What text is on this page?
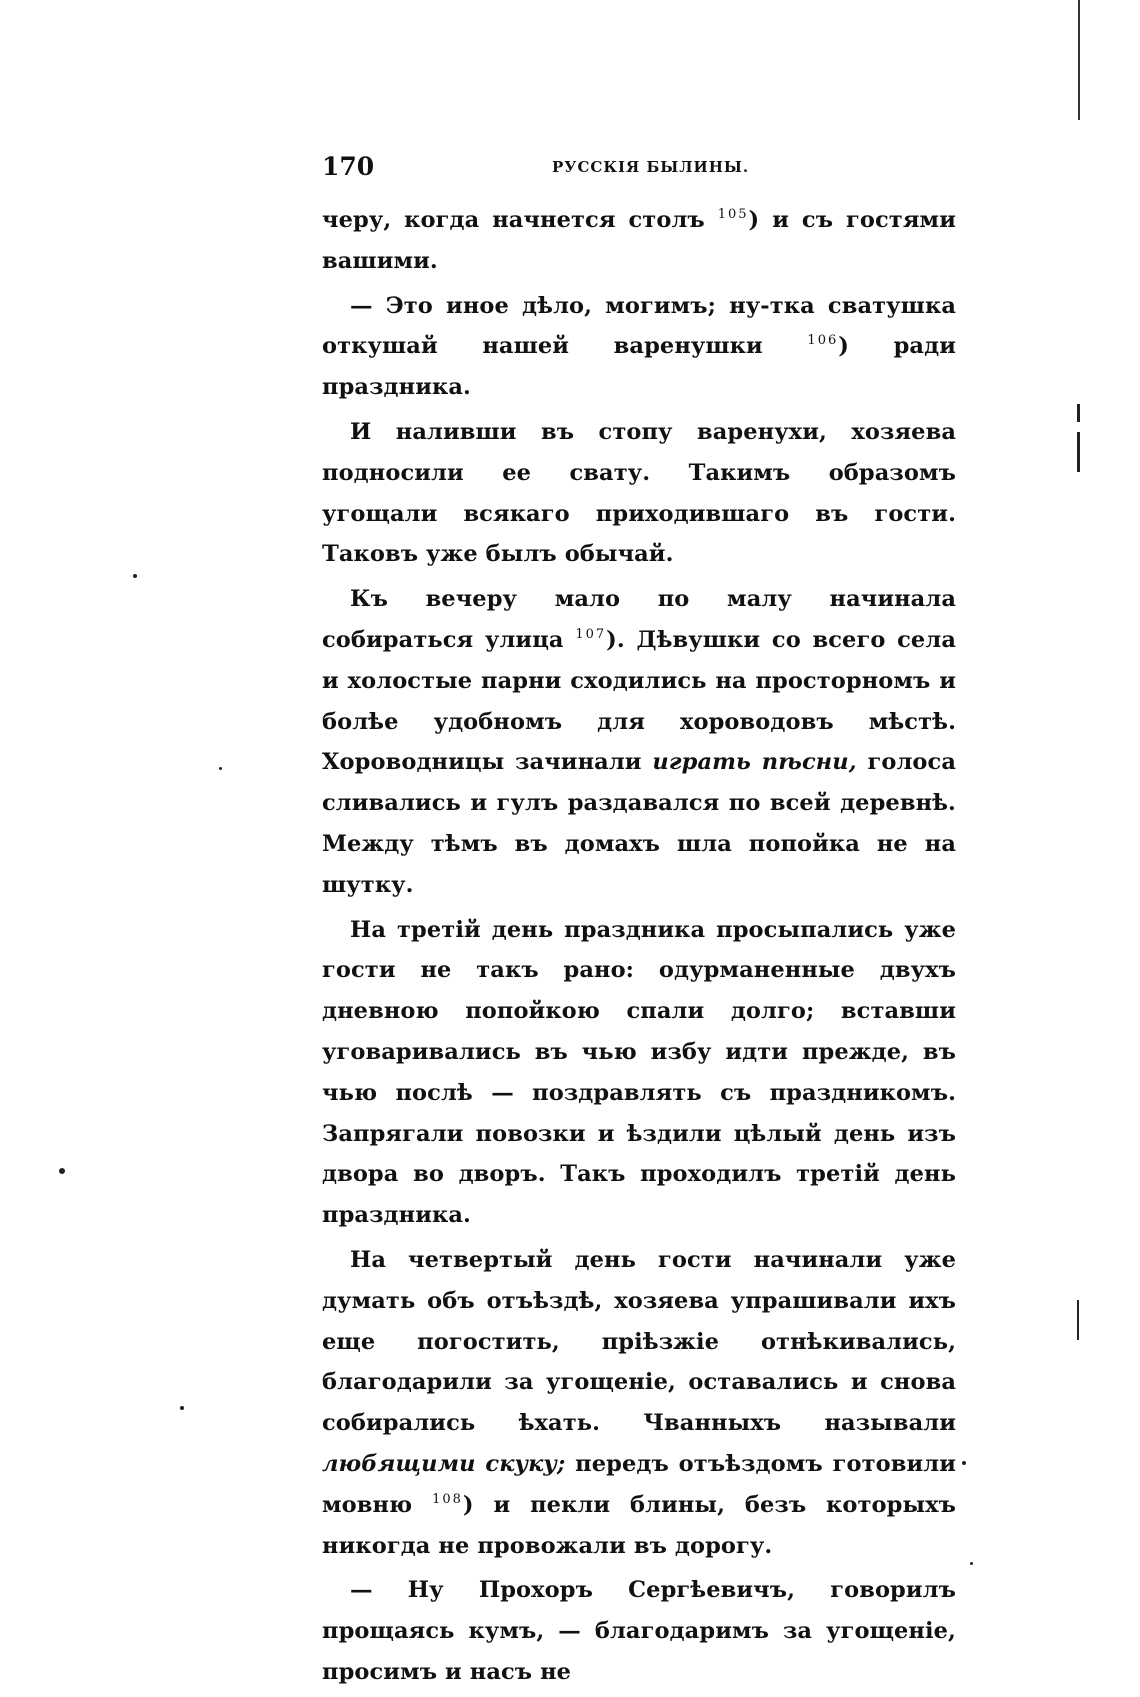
170	РУССКІЯ БЫЛИНЫ.

черу, когда начнется столъ $^{105}$) и съ гостями вашими.

— Это иное дѣло, могимъ; ну-тка сватушка откушай нашей варенушки $^{106}$) ради праздника.

И наливши въ стопу варенухи, хозяева подносили ее свату. Такимъ образомъ угощали всякаго приходившаго въ гости. Таковъ уже былъ обычай.

Къ вечеру мало по малу начинала собираться улица $^{107}$). Дѣвушки со всего села и холостые парни сходились на просторномъ и болѣе удобномъ для хороводовъ мѣстѣ. Хороводницы зачинали играть пѣсни, голоса сливались и гулъ раздавался по всей деревнѣ. Между тѣмъ въ домахъ шла попойка не на шутку.

На третій день праздника просыпались уже гости не такъ рано: одурманенные двухъ дневною попойкою спали долго; вставши уговаривались въ чью избу идти прежде, въ чью послѣ — поздравлять съ праздникомъ. Запрягали повозки и ѣздили цѣлый день изъ двора во дворъ. Такъ проходилъ третій день праздника.

На четвертый день гости начинали уже думать объ отъѣздѣ, хозяева упрашивали ихъ еще погостить, пріѣзжіе отнѣкивались, благодарили за угощеніе, оставались и снова собирались ѣхать. Чванныхъ называли любящими скуку; передъ отъѣздомъ готовили мовню $^{108}$) и пекли блины, безъ которыхъ никогда не провожали въ дорогу.

— Ну Прохоръ Сергѣевичъ, говорилъ прощаясь кумъ, — благодаримъ за угощеніе, просимъ и насъ не
